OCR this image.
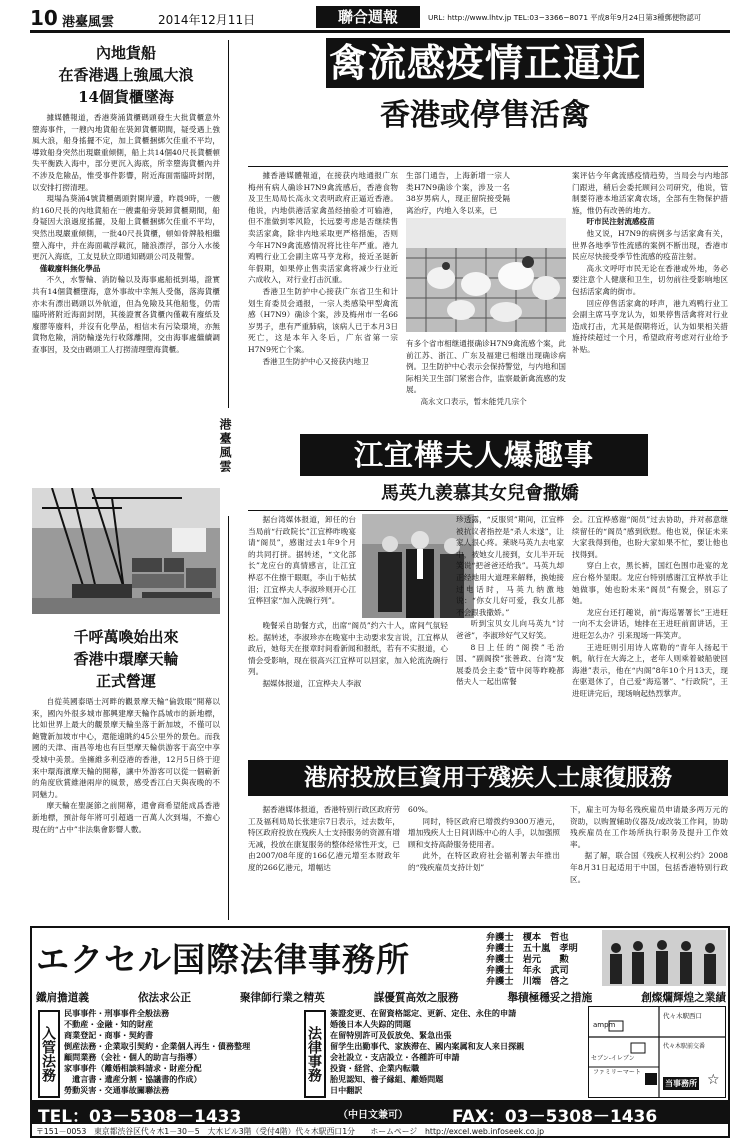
10 港臺風雲	2014年12月11日	聯合週報	URL: http://www.lhtv.jp TEL:03−3366−8071 平成8年9月24日第3種郵便物認可
內地貨船
在香港遇上強風大浪
14個貨櫃墜海

據媒體報道，香港葵涌貨櫃碼頭發生大批貨櫃意外墮海事件，一艘內地貨船在裝卸貨櫃期間，疑受遇上強風大浪，船身搖擺不定，加上貨櫃捆綁欠佳重不平均，導致船身突然出現嚴重傾側，船上共14個40尺長貨櫃頓失平衡跌入海中，部分更沉入海底，所幸墮海貨櫃內并不涉及危險品，惟受事件影響，附近海面需臨時封閉，以安排打撈清理。

現場為葵涌4號貨櫃碼頭對開岸邊，昨晨9時，一艘約160尺長的內地貨船在一艘畫船旁裝卸貨櫃期間，船身疑因大浪過度搖擺，及船上貨櫃捆綁欠佳重不平均，突然出現嚴重傾側，一批40尺長貨櫃，頓如骨牌般相繼墮入海中，并在海面載浮載沉，隨浪漂浮，部分入水後更沉入海底，工友見狀立即通知碼頭公司及報警。

僅載廢料無化學品

不久，水警輪、消防輪以及海事處船抵到場，證實共有14個貨櫃墮海，意外事故中幸無人受傷，落海貨櫃亦未有漂出碼頭以外航道，但為免險及其他船隻，仍需臨時將附近海面封閉，其後證實各貨櫃內僅載有廢紙及廢膠等廢料，并沒有化學品，相信未有污染環境，亦無 貨物危險，消防輪遂先行收隊離開，交由海事處繼續調查事因，及交由碼頭工人打撈清理墮海貨櫃。

千呼萬喚始出來
香港中環摩天輪
正式營運

自從英國泰晤士河畔的觀景摩天輪“倫敦眼”開幕以來，國內外很多城市都興建摩天輪作爲城市的新地標，比如世界上最大的觀景摩天輪坐落于新加坡，不僅可以飽覽新加坡市中心，還能遠眺約45公里外的景色。而我國的天津、南昌等地也有巨型摩天輪供游客于高空中享受城中美景。坐擁維多利亞港的香港，12月5日終于迎來中環海濱摩天輪的開幕，讓中外游客可以從一個嶄新的角度欣賞維港兩岸的風景，感受香江白天與夜晚的不同魅力。

摩天輪在聖誕節之前開幕，還會商希望能成爲香港新地標，預計每年將可引超過一百萬人次到場，不擔心現在的“占中”非法集會影響人數。

港臺風雲
禽流感疫情正逼近
香港或停售活禽

據香港媒體報道，在接获内地通报广东梅州有病人确诊H7N9禽流感后，香港食物及卫生局局长高永文表明政府正逼近香港。他说，内地供港活家禽虽经抽验才可输港，但不准做到零风险，长远要考虑是否继续售卖活家禽，除非内地采取更严格措施，否则今年H7N9禽流感情况将比往年严重。港九鸡鸭行业工会副主席马亨龙称，接近圣诞新年假期，如果停止售卖活家禽将减少行业近六成收入，对行业打击沉重。

香港卫生防护中心接获广东省卫生和计划生育委员会通报，一宗人类感染甲型禽流感（H7N9）确诊个案，涉及梅州市一名66岁男子，患有严重肺病，该病人已于本月3日死亡，这是本年入冬后，广东省第一宗H7N9死亡个案。

香港卫生防护中心又接获内地卫

生部门通告，上海新增一宗人类H7N9确诊个案，涉及一名38岁男病人，现正留院接受隔离治疗，内地入冬以来，已

有多个省市相继通报确诊H7N9禽流感个案，此前江苏、浙江、广东及福建已相继出现确诊病例。卫生防护中心表示会保持警觉，与内地和国际相关卫生部门紧密合作，监察最新禽流感的发展。

高永文口表示，暂未能凭几宗个

案评估今年禽流感疫情趋势，当局会与内地部门跟进，稍后会委托顾问公司研究，他说，管制要符港本地活家禽农场，全部有生物保护措施，惟仍有改善的地方。

吁市民注射流感疫苗

他又说，H7N9的病例多与活家禽有关，世界各地季节性流感的案例不断出现，香港市民应尽快接受季节性流感的疫苗注射。

高永文呼吁市民无论在香港或外地，务必要注意个人健康和卫生，切勿前往受影响地区包括活家禽的街市。

回应停售活家禽的呼声，港九鸡鸭行业工会副主席马亨龙认为，如果停售活禽将对行业造成打击，尤其是假期将近，认为如果相关措施持续超过一个月，希望政府考虑对行业给予补贴。

江宜樺夫人爆趣事
馬英九羨慕其女兒會撒嬌

据台湾媒体报道，卸任的台当局前“行政院长”江宜桦昨晚宴请“阁员”，感谢过去1年9个月的共同打拼。据转述，“文化部长”龙应台的真情感言，让江宜桦忍不住擦干眼眶，李山于帖拭泪；江宜桦夫人李淑珍则开心江宜桦回家“加入洗碗行列”。

晚餐采自助餐方式，出席“阁员”约六十人，席间气氛轻松。据转述，李淑珍亦在晚宴中主动要求发言说，江宜桦从政后，她每天在报章时间看新闻和报纸，若有不实报道，心情会受影响，现在很高兴江宜桦可以回家，加入轮流洗碗行列。

据媒体报道，江宜桦夫人李淑

珍透露，“反服贸”期间，江宜桦被抗议者指控是“杀人未遂”，让家人很心疼。莱晓马英九去电家中，被她女儿接到，女儿半开玩笑说“把爸爸还给我”。马英九却正经地用大道理来解释，换她接过电话时，马英九纳激地说：“你女儿好可爱，我女儿都不会跟我撒娇。”

听到宝贝女儿向马英九“讨爸爸”，李淑珍好气又好笑。

8日上任的“阁揆”毛治国、“副阁揆”张善政、台湾“发展委员会主委”管中闵等昨晚都偕夫人一起出席餐

会。江宜桦感谢“阁员”过去协助，并对郝意继续留任的“阁员”感到欣慰。他也说，保证未来大家我得到他，也盼大家如果不忙，要让他也找得到。

穿白上衣，黑长裤，国红色围巾赴宴的龙应台格外显眼。龙应台特别感谢江宜桦放手让她做事，她也盼未来“阁员”有聚会，别忘了她。

龙应台还打趣说，前“海巡署署长”王进旺一向不太会讲话，她排在王进旺前面讲话，王进旺怎么办？引来现场一阵笑声。

王进旺则引用诗人席勒的“青年人扬起干帆，航行在大海之上，老年人则乘着破船驶回海港”表示，他在“内阁”8年10个月13天，现在驱退休了，自己爱“海巡署”、“行政院”，王进旺讲完后，现场响起热烈掌声。

港府投放巨資用于殘疾人士康復服務

据香港媒体报道，香港特别行政区政府劳工及福利局局长张建宗7日表示，过去数年，特区政府投放在残疾人士支持服务的资源有增无减，投放在康复服务的整体经常性开支，已由2007/08年度的166亿港元增至本财政年度的266亿港元，增幅达

60%。

同时，特区政府已增拨约9300万港元，增加残疾人士日间训练中心的人手，以加强照顾和支持高龄服务使用者。

此外，在特区政府社会福利署去年推出的“残疾雇员支持计划”

下，雇主可为每名残疾雇员申请最多两万元的资助，以购置辅助仪器及/或改装工作间，协助残疾雇员在工作场所执行职务及提升工作效率。

据了解，联合国《残疾人权利公约》2008年8月31日起适用于中国，包括香港特别行政区。

エクセル国際法律事務所
弁護士　 榎本　哲也
弁護士　 五十嵐　孝明
弁護士　 岩元　　勲
弁護士　 年永　武司
弁護士　 川端　啓之
鐵肩擔道義	依法求公正	聚律師行業之精英	謀優質高效之服務	舉積極穩妥之措施	創燦爛輝煌之業績
入管法務
民事事件・刑事事件全般法務
不動産・金融・知的財産
商業登記・商事・契約書
倒産法務・企業取引契約・企業個人再生・債務整理
顧問業務（会社・個人的助言与指導）
家事事件（離婚相談料請求・財産分配
　遺言書・遺産分割・協議書的作成）
勞動災害・交通事故關聯法務
法律事務
簽證変更、在留資格認定、更新、定住、永住的申請
婚後日本人失踪的問題
在留特別許可及仮放免、緊急出張
留学生出勤事代、家族滞在、國内案属和友人来日探親
会社設立・支店設立・各種許可申請
投資・経営、企業内転職
胎児認知、養子縁組、離婚問題
日中翻訳
ampm
代々木駅西口
代々木駅前交番
セブン-イレブン
ファミリーマート
当事務所 ☆
TEL：03－5308－1433	（中日文兼可）	FAX：03－5308－1436
〒151－0053　東京都渋谷区代々木1－30－5　大木ビル3階（受付4階）代々木駅西口1分　　ホームページ　http://excel.web.infoseek.co.jp
